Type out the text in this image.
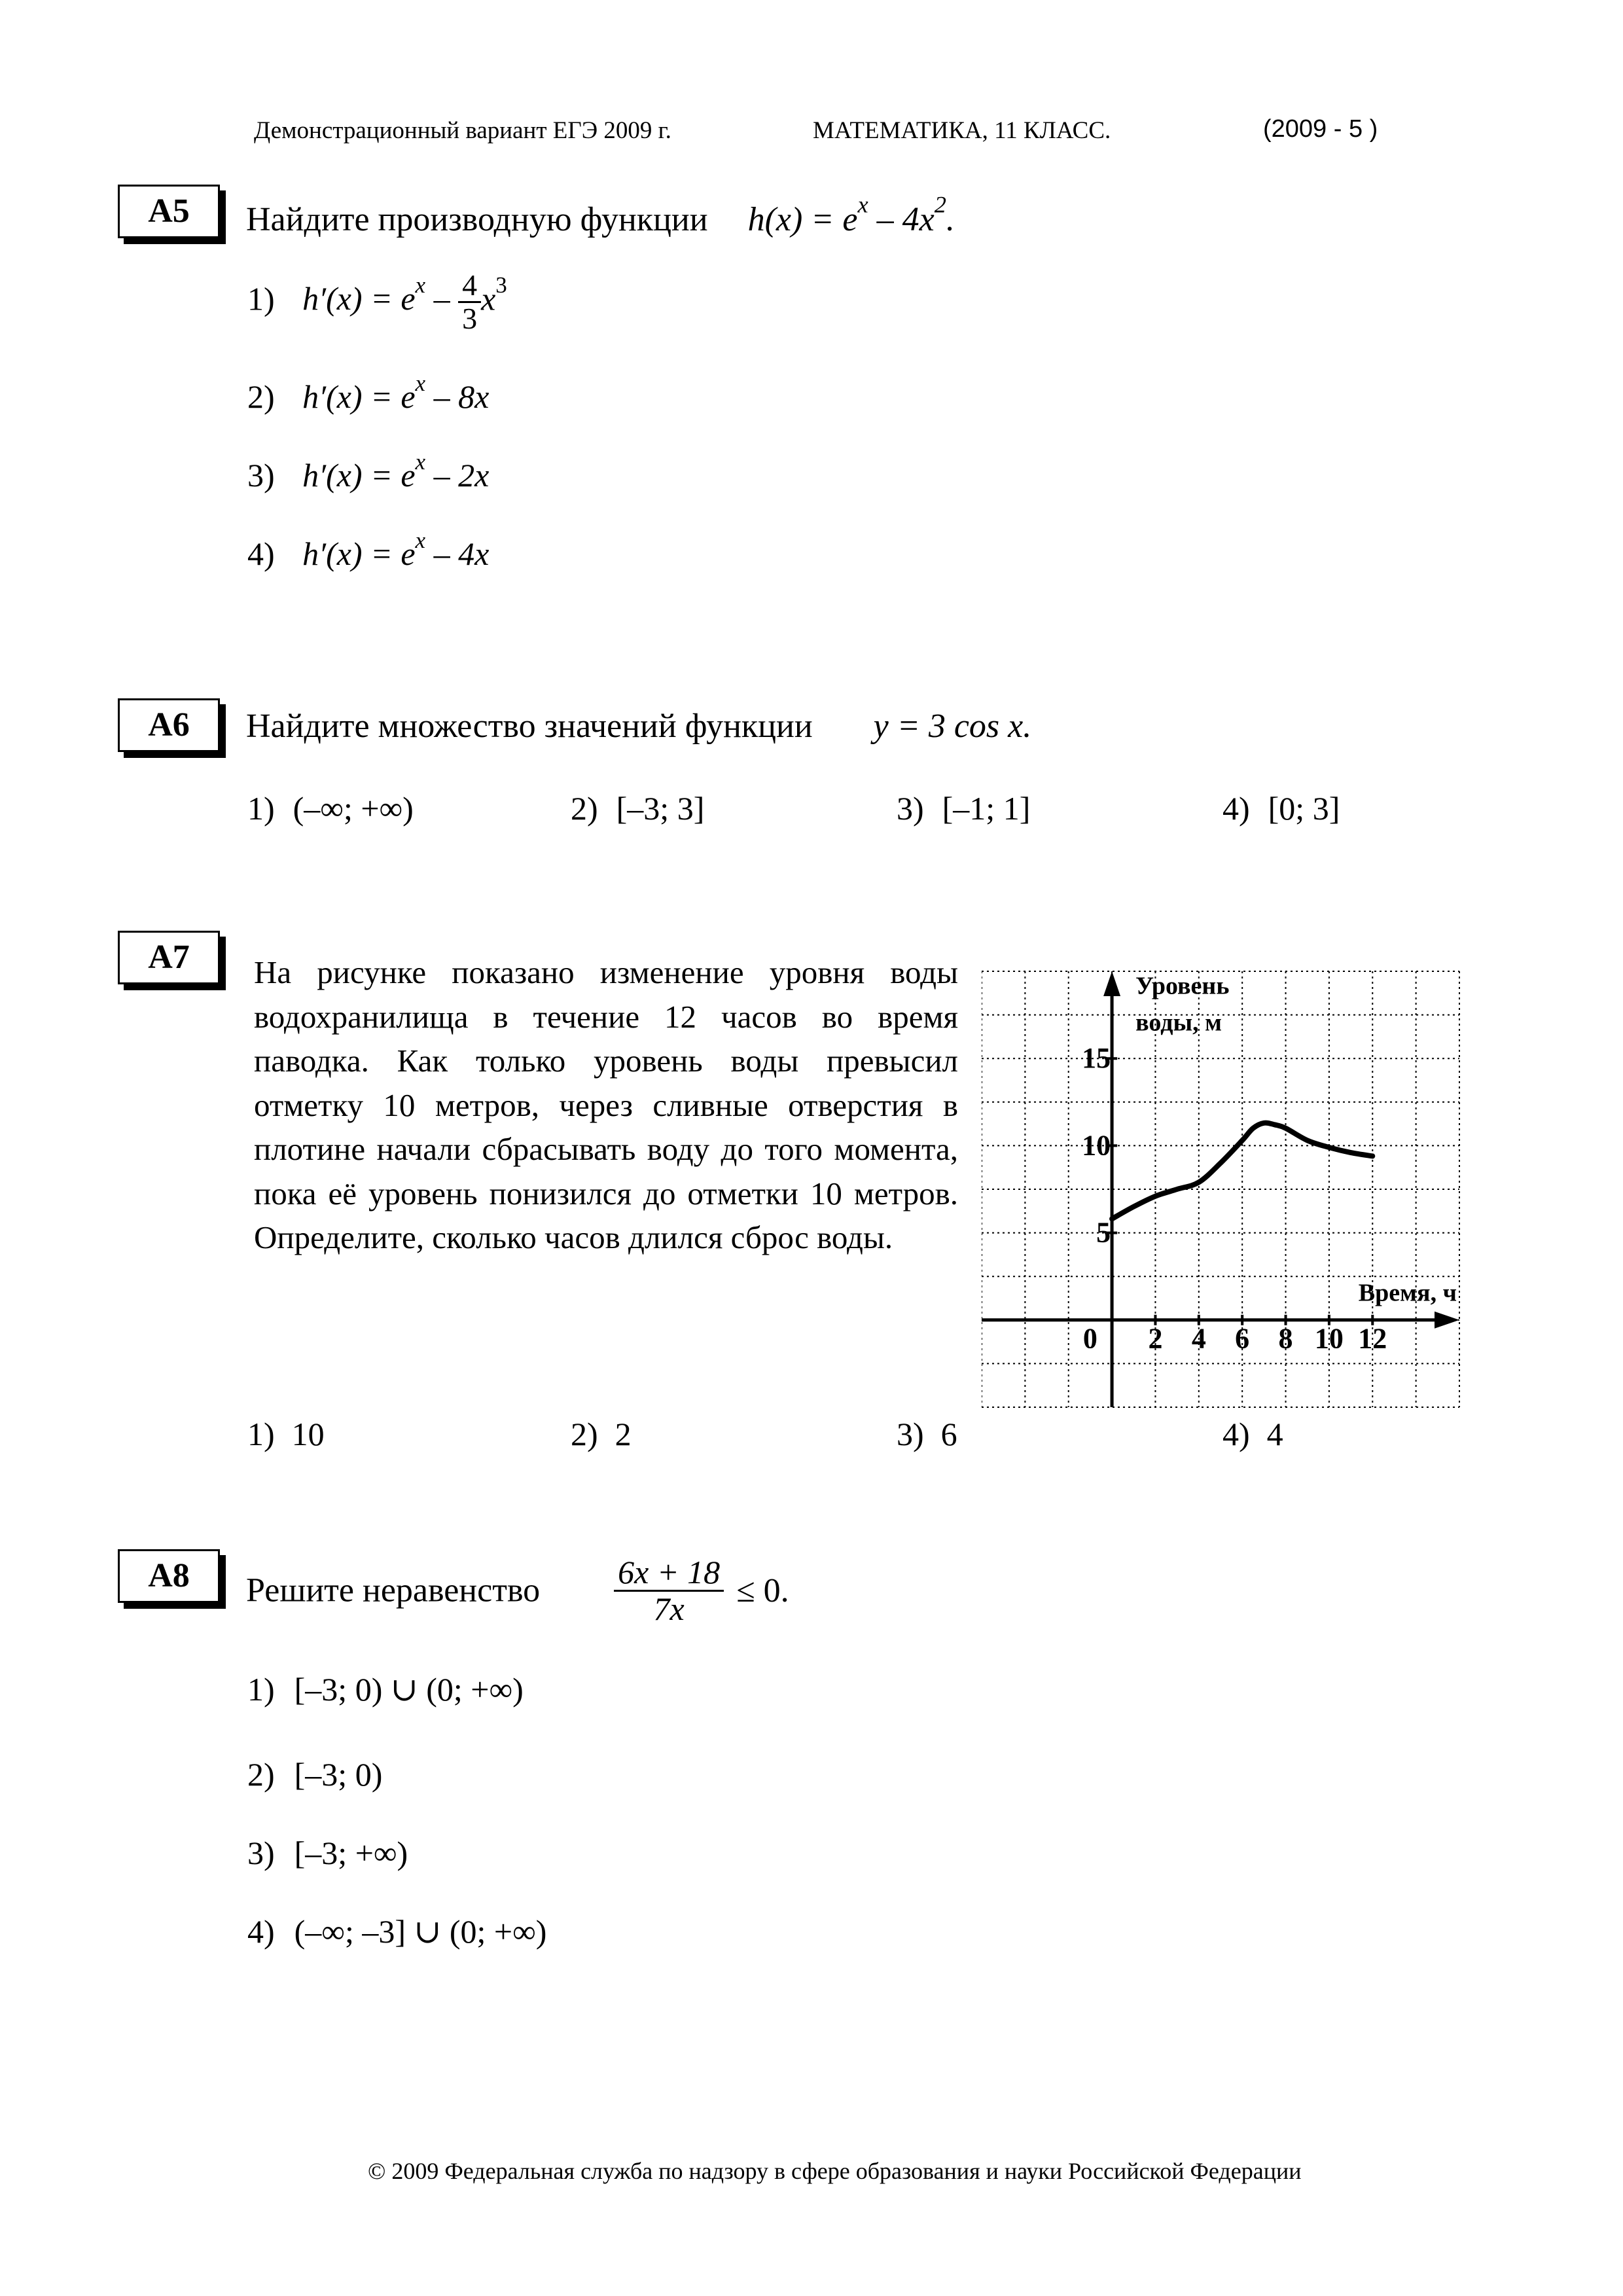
Демонстрационный вариант ЕГЭ 2009 г.	МАТЕМАТИКА, 11 КЛАСС.	(2009 - 5 )
А5	Найдите производную функции $h(x) = e^x - 4x^2$.
1) $h'(x) = e^x - \frac{4}{3} x^3$
2) $h'(x) = e^x - 8x$
3) $h'(x) = e^x - 2x$
4) $h'(x) = e^x - 4x$
А6	Найдите множество значений функции y = 3 cos x.
1) (–∞; +∞)	2) [–3; 3]	3) [–1; 1]	4) [0; 3]
А7	На рисунке показано изменение уровня воды водохранилища в течение 12 часов во время паводка. Как только уровень воды превысил отметку 10 метров, через сливные отверстия в плотине начали сбрасывать воду до того момента, пока её уровень понизился до отметки 10 метров. Определите, сколько часов длился сброс воды.
Уровень
воды, м
Время, ч
0 2 4 6 8 10 12
5
10
15
1) 10	2) 2	3) 6	4) 4
А8	Решите неравенство $\frac{6x + 18}{7x} \le 0$.
1) [–3; 0) ∪ (0; +∞)
2) [–3; 0)
3) [–3; +∞)
4) (–∞; –3] ∪ (0; +∞)
© 2009 Федеральная служба по надзору в сфере образования и науки Российской Федерации
